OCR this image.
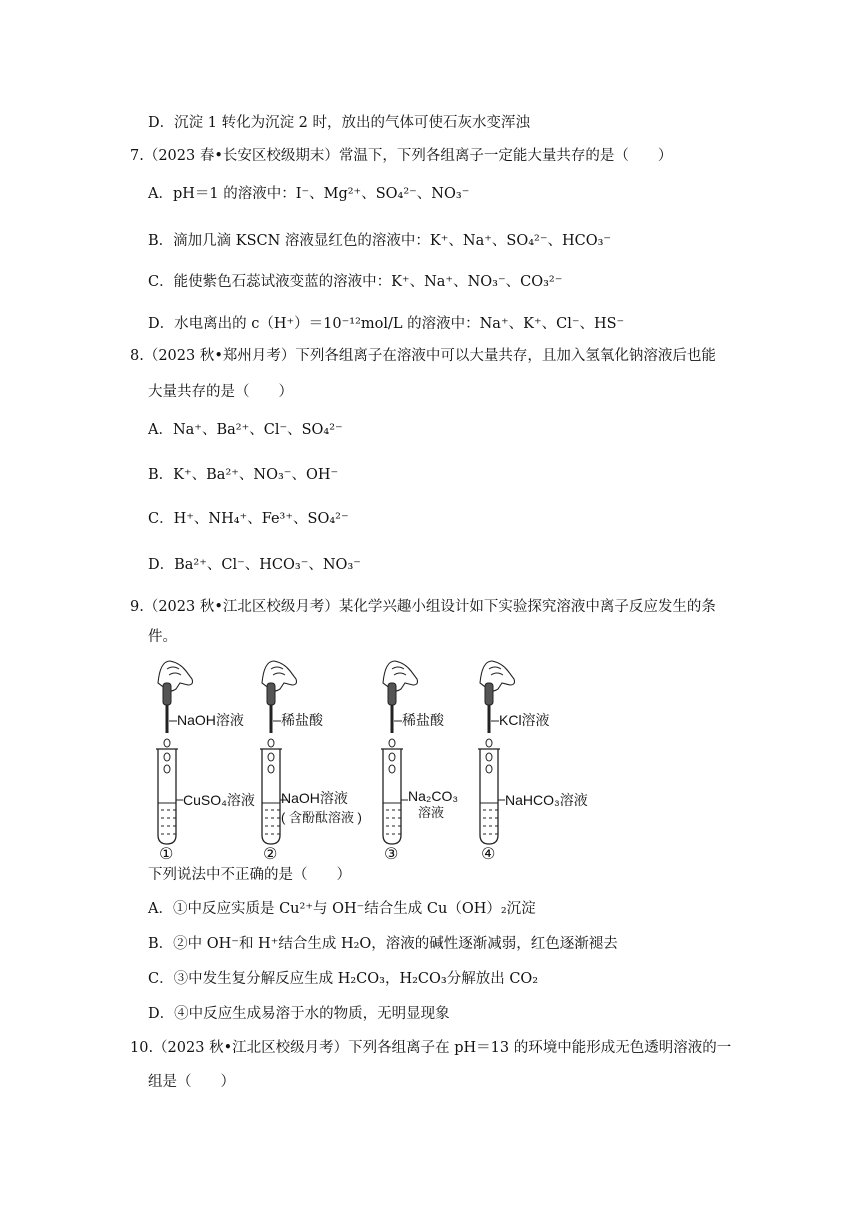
D．沉淀 1 转化为沉淀 2 时，放出的气体可使石灰水变浑浊
7.（2023 春•长安区校级期末）常温下，下列各组离子一定能大量共存的是（　　）
A．pH＝1 的溶液中：I⁻、Mg²⁺、SO₄²⁻、NO₃⁻
B．滴加几滴 KSCN 溶液显红色的溶液中：K⁺、Na⁺、SO₄²⁻、HCO₃⁻
C．能使紫色石蕊试液变蓝的溶液中：K⁺、Na⁺、NO₃⁻、CO₃²⁻
D．水电离出的 c（H⁺）＝10⁻¹²mol/L 的溶液中：Na⁺、K⁺、Cl⁻、HS⁻
8.（2023 秋•郑州月考）下列各组离子在溶液中可以大量共存，且加入氢氧化钠溶液后也能
大量共存的是（　　）
A．Na⁺、Ba²⁺、Cl⁻、SO₄²⁻
B．K⁺、Ba²⁺、NO₃⁻、OH⁻
C．H⁺、NH₄⁺、Fe³⁺、SO₄²⁻
D．Ba²⁺、Cl⁻、HCO₃⁻、NO₃⁻
9.（2023 秋•江北区校级月考）某化学兴趣小组设计如下实验探究溶液中离子反应发生的条
件。
NaOH溶液
CuSO₄溶液
①
稀盐酸
NaOH溶液
( 含酚酞溶液 )
②
稀盐酸
Na₂CO₃
溶液
③
KCl溶液
NaHCO₃溶液
④
下列说法中不正确的是（　　）
A．①中反应实质是 Cu²⁺与 OH⁻结合生成 Cu（OH）₂沉淀
B．②中 OH⁻和 H⁺结合生成 H₂O，溶液的碱性逐渐减弱，红色逐渐褪去
C．③中发生复分解反应生成 H₂CO₃，H₂CO₃分解放出 CO₂
D．④中反应生成易溶于水的物质，无明显现象
10.（2023 秋•江北区校级月考）下列各组离子在 pH＝13 的环境中能形成无色透明溶液的一
组是（　　）
